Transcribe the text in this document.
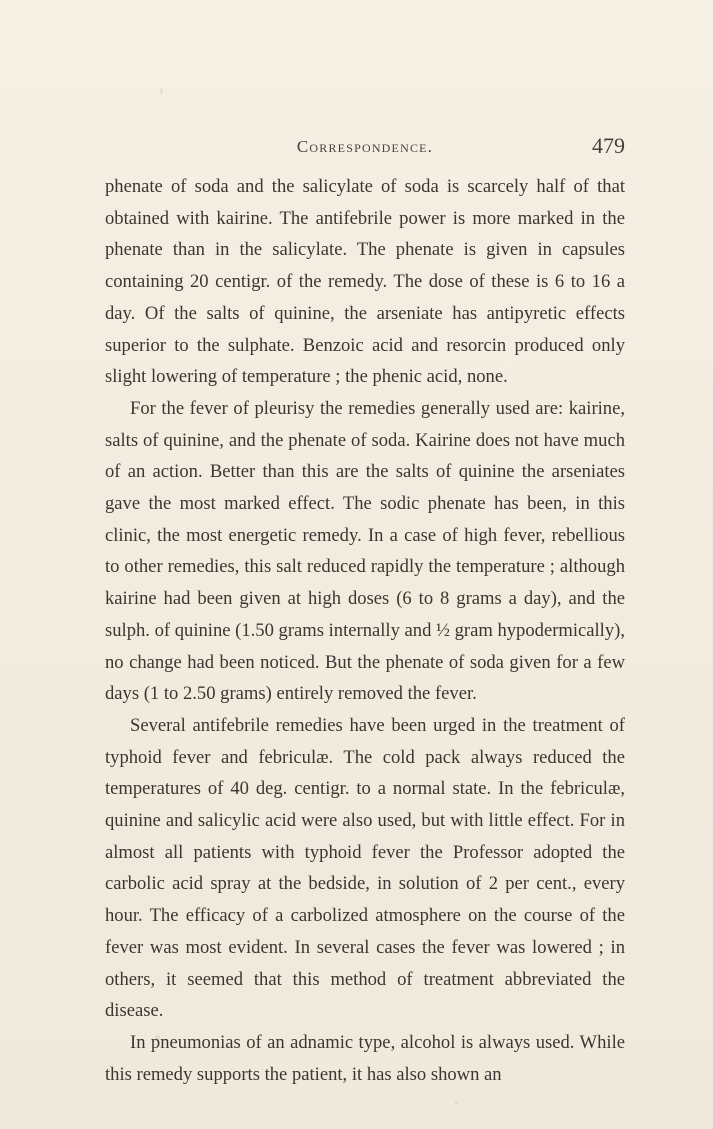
Correspondence.	479

phenate of soda and the salicylate of soda is scarcely half of that obtained with kairine. The antifebrile power is more marked in the phenate than in the salicylate. The phenate is given in capsules containing 20 centigr. of the remedy. The dose of these is 6 to 16 a day. Of the salts of quinine, the arseniate has antipyretic effects superior to the sulphate. Benzoic acid and resorcin produced only slight lowering of temperature ; the phenic acid, none.

For the fever of pleurisy the remedies generally used are: kairine, salts of quinine, and the phenate of soda. Kairine does not have much of an action. Better than this are the salts of quinine the arseniates gave the most marked effect. The sodic phenate has been, in this clinic, the most energetic remedy. In a case of high fever, rebellious to other remedies, this salt reduced rapidly the temperature ; although kairine had been given at high doses (6 to 8 grams a day), and the sulph. of quinine (1.50 grams internally and ½ gram hypodermically), no change had been noticed. But the phenate of soda given for a few days (1 to 2.50 grams) entirely removed the fever.

Several antifebrile remedies have been urged in the treatment of typhoid fever and febriculæ. The cold pack always reduced the temperatures of 40 deg. centigr. to a normal state. In the febriculæ, quinine and salicylic acid were also used, but with little effect. For in almost all patients with typhoid fever the Professor adopted the carbolic acid spray at the bedside, in solution of 2 per cent., every hour. The efficacy of a carbolized atmosphere on the course of the fever was most evident. In several cases the fever was lowered ; in others, it seemed that this method of treatment abbreviated the disease.

In pneumonias of an adnamic type, alcohol is always used. While this remedy supports the patient, it has also shown an
